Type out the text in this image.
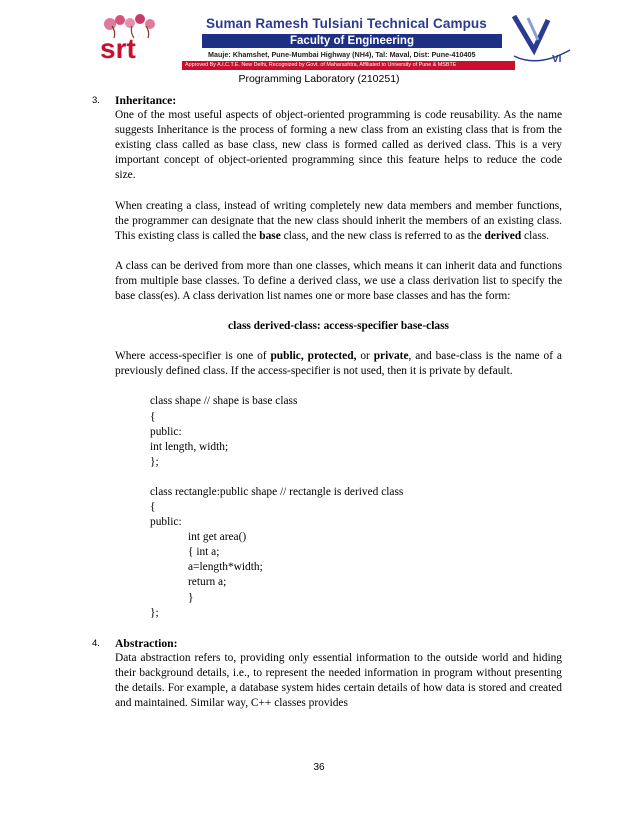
srt
Suman Ramesh Tulsiani Technical Campus
Faculty of Engineering
Mauje: Khamshet, Pune-Mumbai Highway (NH4), Tal: Maval, Dist: Pune-410405
Approved By A.I.C.T.E. New Delhi, Recognized by Govt. of Maharashtra, Affiliated to University of Pune & MSBTE	VI
Programming Laboratory (210251)
3. Inheritance:

One of the most useful aspects of object-oriented programming is code reusability. As the name suggests Inheritance is the process of forming a new class from an existing class that is from the existing class called as base class, new class is formed called as derived class. This is a very important concept of object-oriented programming since this feature helps to reduce the code size.

When creating a class, instead of writing completely new data members and member functions, the programmer can designate that the new class should inherit the members of an existing class. This existing class is called the base class, and the new class is referred to as the derived class.

A class can be derived from more than one classes, which means it can inherit data and functions from multiple base classes. To define a derived class, we use a class derivation list to specify the base class(es). A class derivation list names one or more base classes and has the form:

class derived-class: access-specifier base-class

Where access-specifier is one of public, protected, or private, and base-class is the name of a previously defined class. If the access-specifier is not used, then it is private by default.

class shape // shape is base class
{
public:
int length, width;
};
class rectangle:public shape // rectangle is derived class
{
public:
int get area()
{ int a;
a=length*width;
return a;
}
};
4. Abstraction:

Data abstraction refers to, providing only essential information to the outside world and hiding their background details, i.e., to represent the needed information in program without presenting the details. For example, a database system hides certain details of how data is stored and created and maintained. Similar way, C++ classes provides

36
